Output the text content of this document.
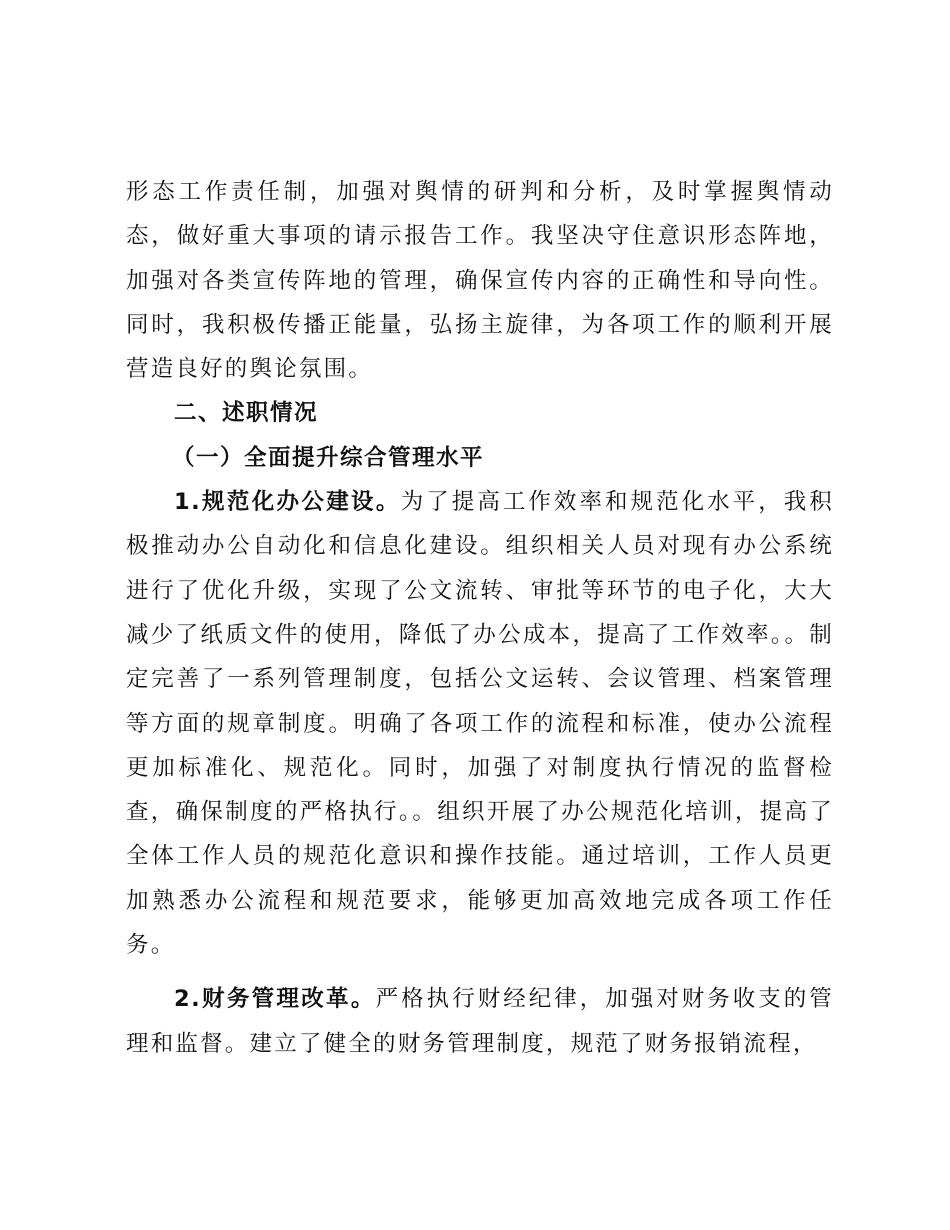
形态工作责任制，加强对舆情的研判和分析，及时掌握舆情动态，做好重大事项的请示报告工作。我坚决守住意识形态阵地，加强对各类宣传阵地的管理，确保宣传内容的正确性和导向性。同时，我积极传播正能量，弘扬主旋律，为各项工作的顺利开展营造良好的舆论氛围。

二、述职情况

（一）全面提升综合管理水平

1.规范化办公建设。为了提高工作效率和规范化水平，我积极推动办公自动化和信息化建设。组织相关人员对现有办公系统进行了优化升级，实现了公文流转、审批等环节的电子化，大大减少了纸质文件的使用，降低了办公成本，提高了工作效率。。制定完善了一系列管理制度，包括公文运转、会议管理、档案管理等方面的规章制度。明确了各项工作的流程和标准，使办公流程更加标准化、规范化。同时，加强了对制度执行情况的监督检查，确保制度的严格执行。。组织开展了办公规范化培训，提高了全体工作人员的规范化意识和操作技能。通过培训，工作人员更加熟悉办公流程和规范要求，能够更加高效地完成各项工作任务。

2.财务管理改革。严格执行财经纪律，加强对财务收支的管理和监督。建立了健全的财务管理制度，规范了财务报销流程，
